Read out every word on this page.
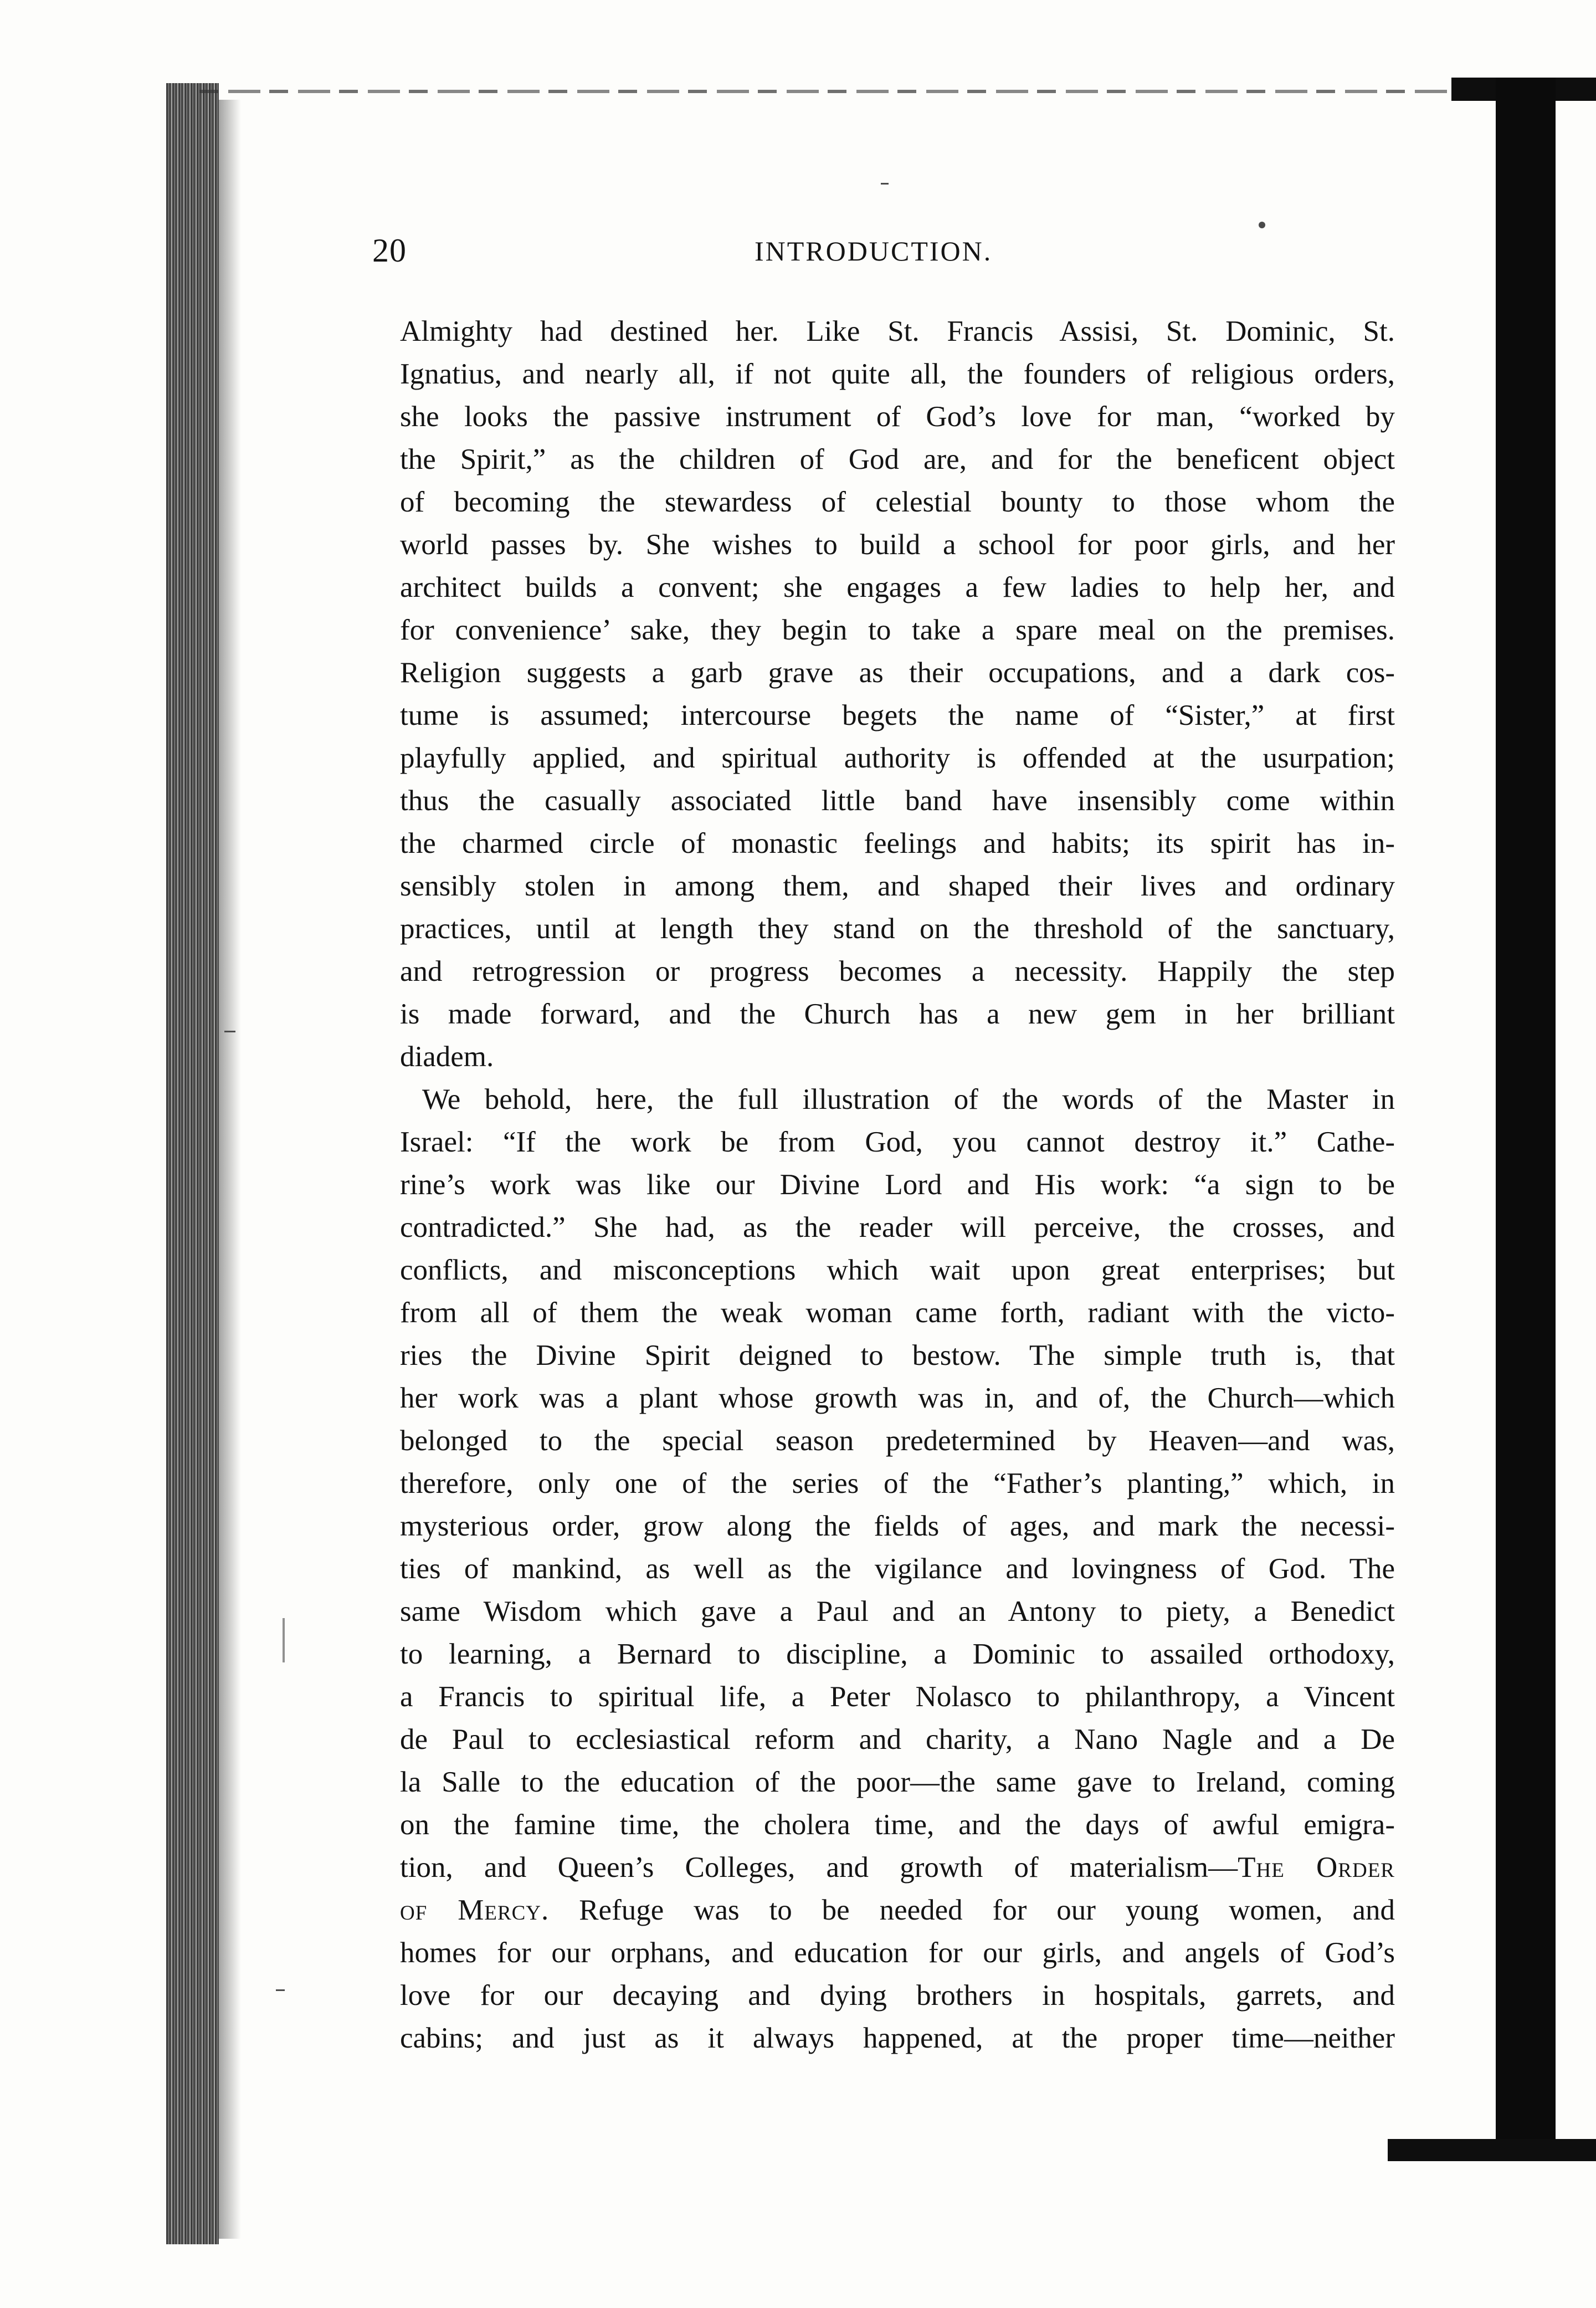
20	INTRODUCTION.
Almighty had destined her. Like St. Francis Assisi, St. Dominic, St.
Ignatius, and nearly all, if not quite all, the founders of religious orders,
she looks the passive instrument of God’s love for man, “worked by
the Spirit,” as the children of God are, and for the beneficent object
of becoming the stewardess of celestial bounty to those whom the
world passes by. She wishes to build a school for poor girls, and her
architect builds a convent; she engages a few ladies to help her, and
for convenience’ sake, they begin to take a spare meal on the premises.
Religion suggests a garb grave as their occupations, and a dark cos-
tume is assumed; intercourse begets the name of “Sister,” at first
playfully applied, and spiritual authority is offended at the usurpation;
thus the casually associated little band have insensibly come within
the charmed circle of monastic feelings and habits; its spirit has in-
sensibly stolen in among them, and shaped their lives and ordinary
practices, until at length they stand on the threshold of the sanctuary,
and retrogression or progress becomes a necessity. Happily the step
is made forward, and the Church has a new gem in her brilliant
diadem.
We behold, here, the full illustration of the words of the Master in
Israel: “If the work be from God, you cannot destroy it.” Cathe-
rine’s work was like our Divine Lord and His work: “a sign to be
contradicted.” She had, as the reader will perceive, the crosses, and
conflicts, and misconceptions which wait upon great enterprises; but
from all of them the weak woman came forth, radiant with the victo-
ries the Divine Spirit deigned to bestow. The simple truth is, that
her work was a plant whose growth was in, and of, the Church—which
belonged to the special season predetermined by Heaven—and was,
therefore, only one of the series of the “Father’s planting,” which, in
mysterious order, grow along the fields of ages, and mark the necessi-
ties of mankind, as well as the vigilance and lovingness of God. The
same Wisdom which gave a Paul and an Antony to piety, a Benedict
to learning, a Bernard to discipline, a Dominic to assailed orthodoxy,
a Francis to spiritual life, a Peter Nolasco to philanthropy, a Vincent
de Paul to ecclesiastical reform and charity, a Nano Nagle and a De
la Salle to the education of the poor—the same gave to Ireland, coming
on the famine time, the cholera time, and the days of awful emigra-
tion, and Queen’s Colleges, and growth of materialism—The Order
of Mercy. Refuge was to be needed for our young women, and
homes for our orphans, and education for our girls, and angels of God’s
love for our decaying and dying brothers in hospitals, garrets, and
cabins; and just as it always happened, at the proper time—neither
